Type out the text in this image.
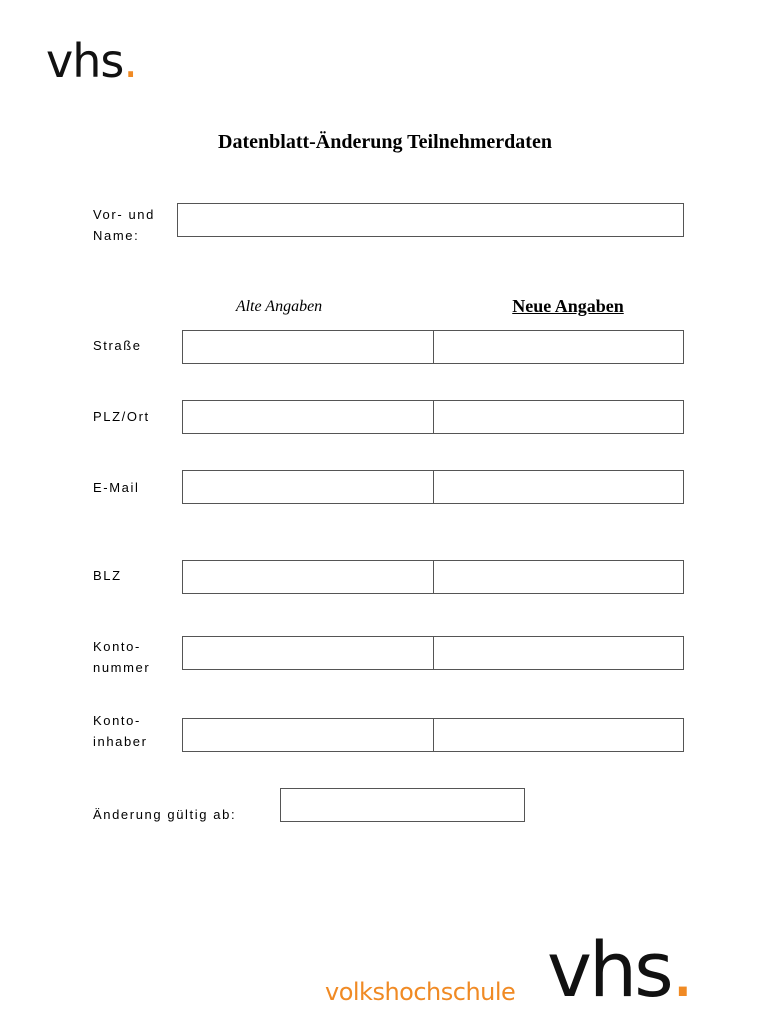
vhs.
Datenblatt-Änderung Teilnehmerdaten
Vor- und
Name:
Alte Angaben	Neue Angaben
Straße
PLZ/Ort
E-Mail
BLZ
Konto-
nummer
Konto-
inhaber
Änderung gültig ab:
volkshochschule vhs.
